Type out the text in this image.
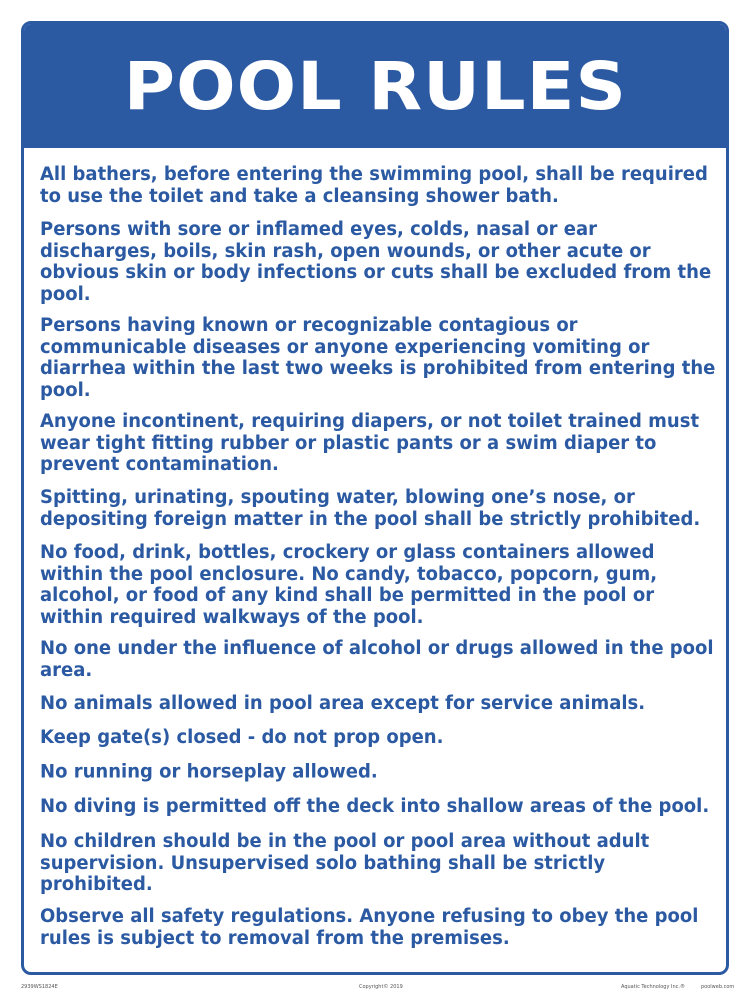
POOL RULES
All bathers, before entering the swimming pool, shall be required to use the toilet and take a cleansing shower bath.
Persons with sore or inflamed eyes, colds, nasal or ear discharges, boils, skin rash, open wounds, or other acute or obvious skin or body infections or cuts shall be excluded from the pool.
Persons having known or recognizable contagious or communicable diseases or anyone experiencing vomiting or diarrhea within the last two weeks is prohibited from entering the pool.
Anyone incontinent, requiring diapers, or not toilet trained must wear tight fitting rubber or plastic pants or a swim diaper to prevent contamination.
Spitting, urinating, spouting water, blowing one’s nose, or depositing foreign matter in the pool shall be strictly prohibited.
No food, drink, bottles, crockery or glass containers allowed within the pool enclosure. No candy, tobacco, popcorn, gum, alcohol, or food of any kind shall be permitted in the pool or within required walkways of the pool.
No one under the influence of alcohol or drugs allowed in the pool area.
No animals allowed in pool area except for service animals.
Keep gate(s) closed - do not prop open.
No running or horseplay allowed.
No diving is permitted off the deck into shallow areas of the pool.
No children should be in the pool or pool area without adult supervision. Unsupervised solo bathing shall be strictly prohibited.
Observe all safety regulations. Anyone refusing to obey the pool rules is subject to removal from the premises.
2939WS1824E	Copyright© 2019	Aquatic Technology Inc.®	poolweb.com
